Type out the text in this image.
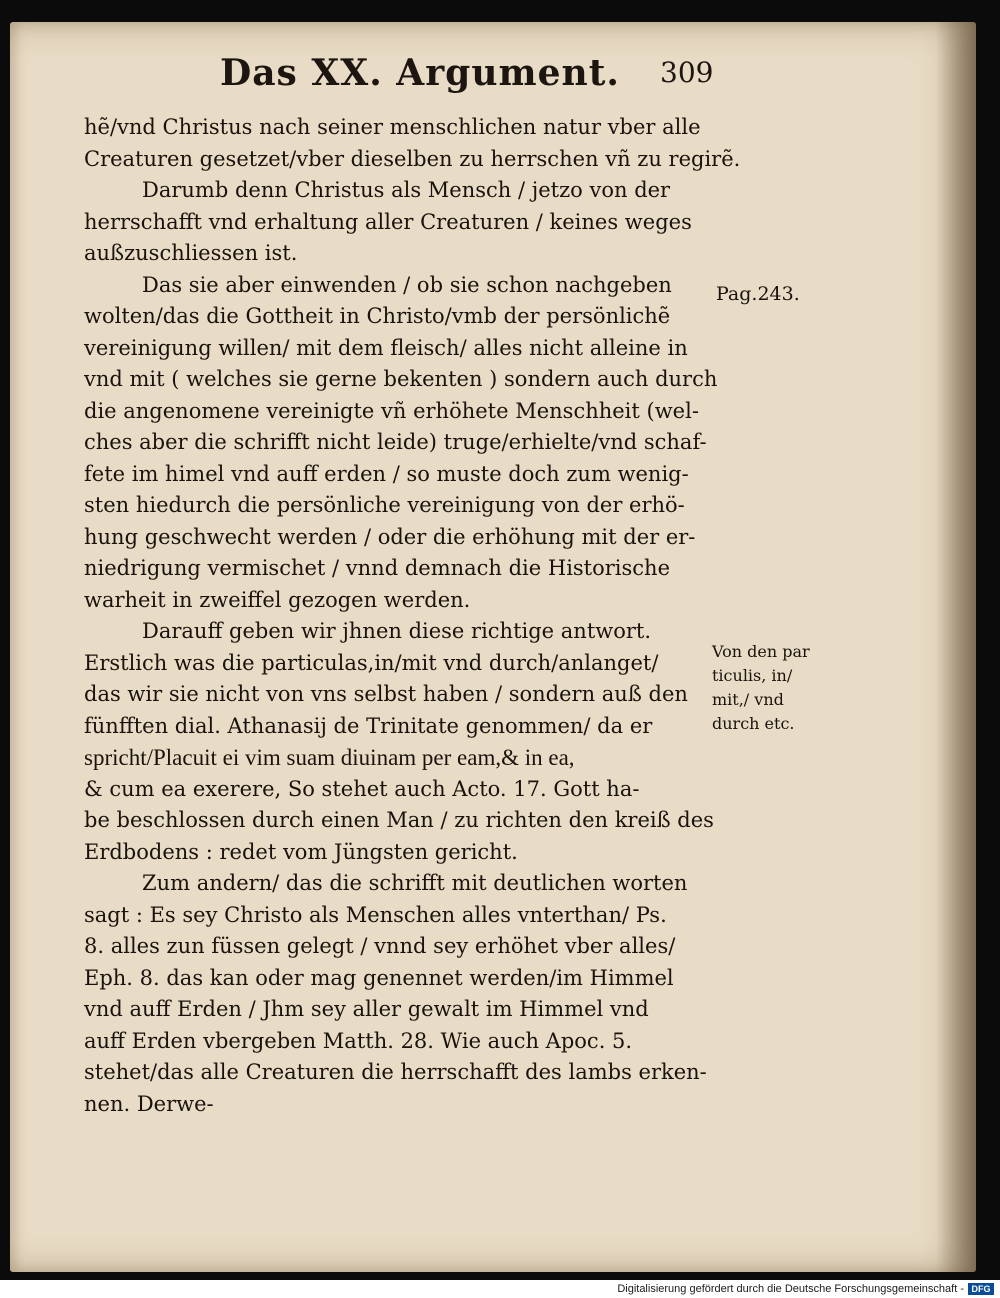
Das XX. Argument. 309
hẽ/vnd Christus nach seiner menschlichen natur vber alle
Creaturen gesetzet/vber dieselben zu herrschen vñ zu regirẽ.
Darumb denn Christus als Mensch / jetzo von der
herrschafft vnd erhaltung aller Creaturen / keines weges
außzuschliessen ist.
Das sie aber einwenden / ob sie schon nachgeben
wolten/das die Gottheit in Christo/vmb der persönlichẽ
vereinigung willen/ mit dem fleisch/ alles nicht alleine in
vnd mit ( welches sie gerne bekenten ) sondern auch durch
die angenomene vereinigte vñ erhöhete Menschheit (wel-
ches aber die schrifft nicht leide) truge/erhielte/vnd schaf-
fete im himel vnd auff erden / so muste doch zum wenig-
sten hiedurch die persönliche vereinigung von der erhö-
hung geschwecht werden / oder die erhöhung mit der er-
niedrigung vermischet / vnnd demnach die Historische
warheit in zweiffel gezogen werden.
Darauff geben wir jhnen diese richtige antwort.
Erstlich was die particulas,in/mit vnd durch/anlanget/
das wir sie nicht von vns selbst haben / sondern auß den
fünfften dial. Athanasij de Trinitate genommen/ da er
spricht/Placuit ei vim suam diuinam per eam,& in ea,
& cum ea exerere, So stehet auch Acto. 17. Gott ha-
be beschlossen durch einen Man / zu richten den kreiß des
Erdbodens : redet vom Jüngsten gericht.
Zum andern/ das die schrifft mit deutlichen worten
sagt : Es sey Christo als Menschen alles vnterthan/ Ps.
8. alles zun füssen gelegt / vnnd sey erhöhet vber alles/
Eph. 8. das kan oder mag genennet werden/im Himmel
vnd auff Erden / Jhm sey aller gewalt im Himmel vnd
auff Erden vbergeben Matth. 28. Wie auch Apoc. 5.
stehet/das alle Creaturen die herrschafft des lambs erken-
nen. Derwe-
Pag.243.
Von den par
ticulis, in/
mit,/ vnd
durch etc.
Digitalisierung gefördert durch die Deutsche Forschungsgemeinschaft - DFG
